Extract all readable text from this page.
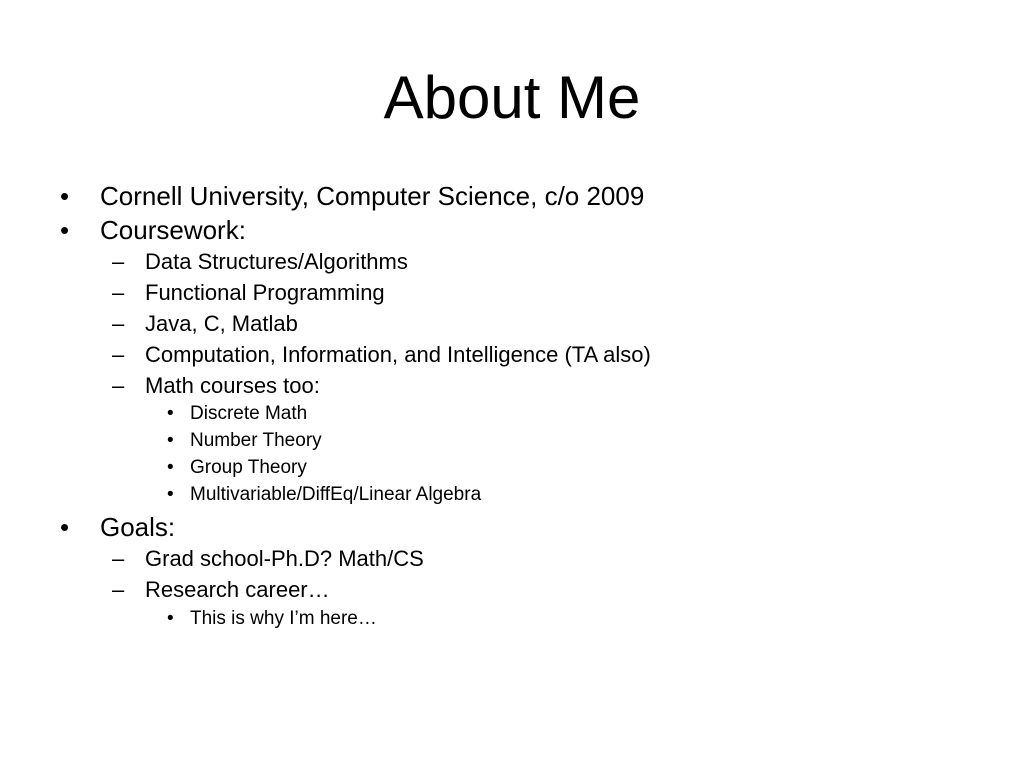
About Me
• Cornell University, Computer Science, c/o 2009
• Coursework:
– Data Structures/Algorithms
– Functional Programming
– Java, C, Matlab
– Computation, Information, and Intelligence (TA also)
– Math courses too:
• Discrete Math
• Number Theory
• Group Theory
• Multivariable/DiffEq/Linear Algebra
• Goals:
– Grad school-Ph.D? Math/CS
– Research career…
• This is why I’m here…
